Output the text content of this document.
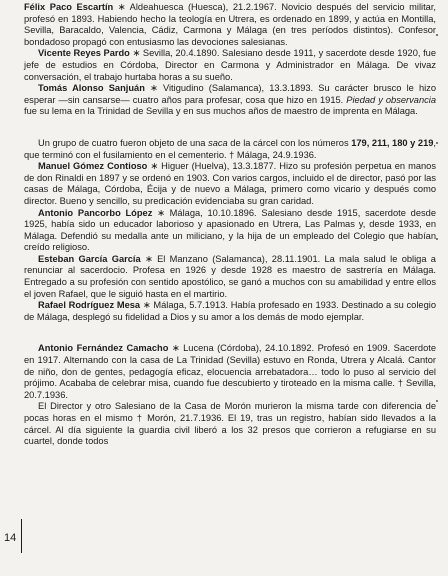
Félix Paco Escartín ∗ Aldeahuesca (Huesca), 21.2.1967. Novicio después del servicio militar, profesó en 1893. Habiendo hecho la teología en Utrera, es ordenado en 1899, y actúa en Montilla, Sevilla, Baracaldo, Valencia, Cádiz, Carmona y Málaga (en tres períodos distintos). Confesor bondadoso propagó con entusiasmo las devociones salesianas.

Vicente Reyes Pardo ∗ Sevilla, 20.4.1890. Salesiano desde 1911, y sacerdote desde 1920, fue jefe de estudios en Córdoba, Director en Carmona y Administrador en Málaga. De vivaz conversación, el trabajo hurtaba horas a su sueño.

Tomás Alonso Sanjuán ∗ Vitigudino (Salamanca), 13.3.1893. Su carácter brusco le hizo esperar —sin cansarse— cuatro años para profesar, cosa que hizo en 1915. Piedad y observancia fue su lema en la Trinidad de Sevilla y en sus muchos años de maestro de imprenta en Málaga.

Un grupo de cuatro fueron objeto de una saca de la cárcel con los números 179, 211, 180 y 219, que terminó con el fusilamiento en el cementerio. † Málaga, 24.9.1936.

Manuel Gómez Contioso ∗ Higuer (Huelva), 13.3.1877. Hizo su profesión perpetua en manos de don Rinaldi en 1897 y se ordenó en 1903. Con varios cargos, incluido el de director, pasó por las casas de Málaga, Córdoba, Écija y de nuevo a Málaga, primero como vicario y después como director. Bueno y sencillo, su predicación evidenciaba su gran caridad.

Antonio Pancorbo López ∗ Málaga, 10.10.1896. Salesiano desde 1915, sacerdote desde 1925, había sido un educador laborioso y apasionado en Utrera, Las Palmas y, desde 1933, en Málaga. Defendió su medalla ante un miliciano, y la hija de un empleado del Colegio que habían creído religioso.

Esteban García García ∗ El Manzano (Salamanca), 28.11.1901. La mala salud le obliga a renunciar al sacerdocio. Profesa en 1926 y desde 1928 es maestro de sastrería en Málaga. Entregado a su profesión con sentido apostólico, se ganó a muchos con su amabilidad y entre ellos el joven Rafael, que le siguió hasta en el martirio.

Rafael Rodríguez Mesa ∗ Málaga, 5.7.1913. Había profesado en 1933. Destinado a su colegio de Málaga, desplegó su fidelidad a Dios y su amor a los demás de modo ejemplar.

Antonio Fernández Camacho ∗ Lucena (Córdoba), 24.10.1892. Profesó en 1909. Sacerdote en 1917. Alternando con la casa de La Trinidad (Sevilla) estuvo en Ronda, Utrera y Alcalá. Cantor de niño, don de gentes, pedagogía eficaz, elocuencia arrebatadora… todo lo puso al servicio del prójimo. Acababa de celebrar misa, cuando fue descubierto y tiroteado en la misma calle. † Sevilla, 20.7.1936.

El Director y otro Salesiano de la Casa de Morón murieron la misma tarde con diferencia de pocas horas en el mismo † Morón, 21.7.1936. El 19, tras un registro, habían sido llevados a la cárcel. Al día siguiente la guardia civil liberó a los 32 presos que corrieron a refugiarse en su cuartel, donde todos

14
